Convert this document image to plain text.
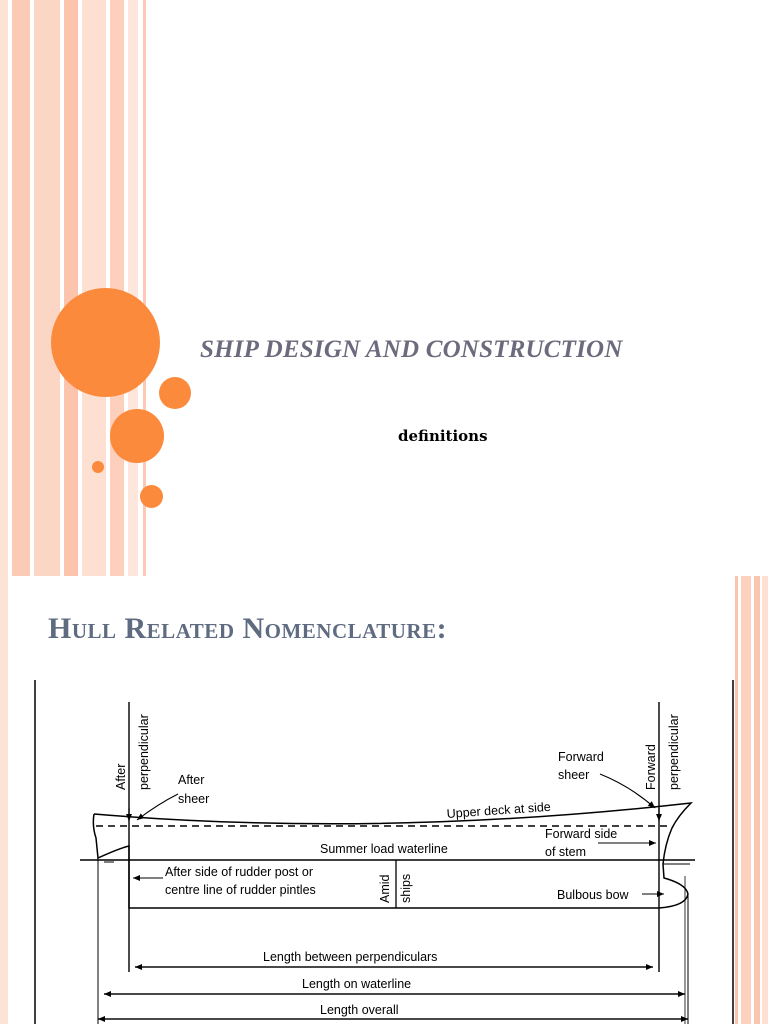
SHIP DESIGN AND CONSTRUCTION
definitions
Hull Related Nomenclature:
After perpendicular	Forward perpendicular
After
sheer
Forward
sheer
Upper deck at side
Forward side
of stem
Summer load waterline
After side of rudder post or
centre line of rudder pintles	Amid ships	Bulbous bow
Length between perpendiculars
Length on waterline
Length overall
